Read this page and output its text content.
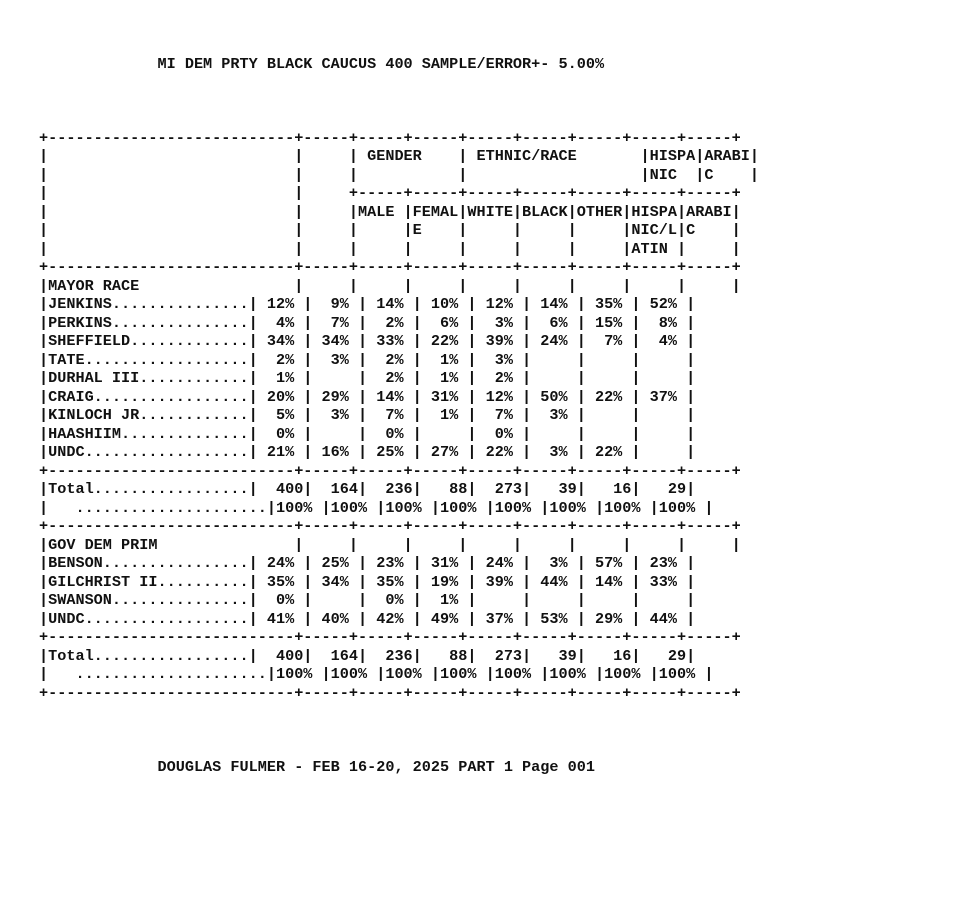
MI DEM PRTY BLACK CAUCUS 400 SAMPLE/ERROR+- 5.00%
+---------------------------+-----+-----+-----+-----+-----+-----+-----+-----+
|                           |     | GENDER    | ETHNIC/RACE       |HISPA|ARABI|
|                           |     |           |                   |NIC  |C    |
|                           |     +-----+-----+-----+-----+-----+-----+-----+
|                           |     |MALE |FEMAL|WHITE|BLACK|OTHER|HISPA|ARABI|
|                           |     |     |E    |     |     |     |NIC/L|C    |
|                           |     |     |     |     |     |     |ATIN |     |
+---------------------------+-----+-----+-----+-----+-----+-----+-----+-----+
|MAYOR RACE                 |     |     |     |     |     |     |     |     |
|JENKINS...............| 12% |  9% | 14% | 10% | 12% | 14% | 35% | 52% |
|PERKINS...............|  4% |  7% |  2% |  6% |  3% |  6% | 15% |  8% |
|SHEFFIELD.............| 34% | 34% | 33% | 22% | 39% | 24% |  7% |  4% |
|TATE..................|  2% |  3% |  2% |  1% |  3% |     |     |     |
|DURHAL III............|  1% |     |  2% |  1% |  2% |     |     |     |
|CRAIG.................| 20% | 29% | 14% | 31% | 12% | 50% | 22% | 37% |
|KINLOCH JR............|  5% |  3% |  7% |  1% |  7% |  3% |     |     |
|HAASHIIM..............|  0% |     |  0% |     |  0% |     |     |     |
|UNDC..................| 21% | 16% | 25% | 27% | 22% |  3% | 22% |     |
+---------------------------+-----+-----+-----+-----+-----+-----+-----+-----+
|Total.................|  400|  164|  236|   88|  273|   39|   16|   29|
|   .....................|100% |100% |100% |100% |100% |100% |100% |100% |
+---------------------------+-----+-----+-----+-----+-----+-----+-----+-----+
|GOV DEM PRIM               |     |     |     |     |     |     |     |     |
|BENSON................| 24% | 25% | 23% | 31% | 24% |  3% | 57% | 23% |
|GILCHRIST II..........| 35% | 34% | 35% | 19% | 39% | 44% | 14% | 33% |
|SWANSON...............|  0% |     |  0% |  1% |     |     |     |     |
|UNDC..................| 41% | 40% | 42% | 49% | 37% | 53% | 29% | 44% |
+---------------------------+-----+-----+-----+-----+-----+-----+-----+-----+
|Total.................|  400|  164|  236|   88|  273|   39|   16|   29|
|   .....................|100% |100% |100% |100% |100% |100% |100% |100% |
+---------------------------+-----+-----+-----+-----+-----+-----+-----+-----+
DOUGLAS FULMER - FEB 16-20, 2025 PART 1 Page 001
